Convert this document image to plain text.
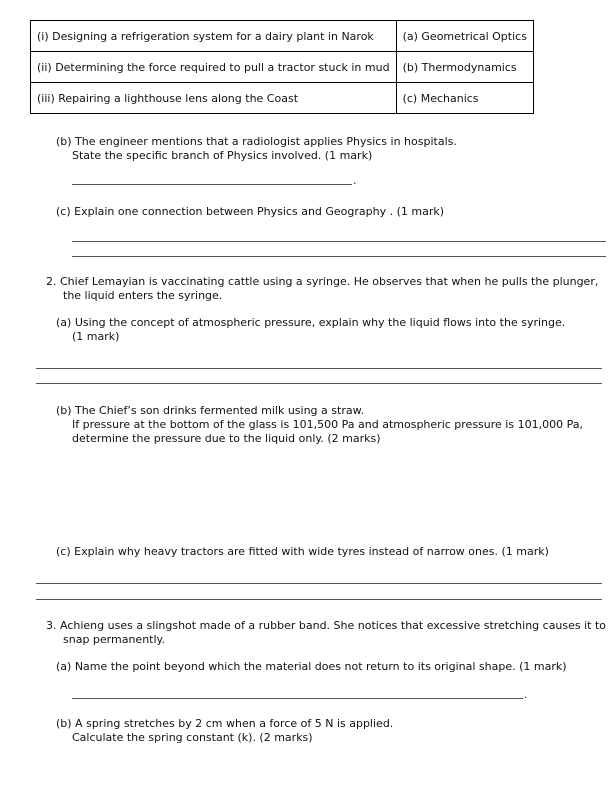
(i) Designing a refrigeration system for a dairy plant in Narok	(a) Geometrical Optics
(ii) Determining the force required to pull a tractor stuck in mud	(b) Thermodynamics
(iii) Repairing a lighthouse lens along the Coast	(c) Mechanics
(b) The engineer mentions that a radiologist applies Physics in hospitals.
State the specific branch of Physics involved. (1 mark)
.
(c) Explain one connection between Physics and Geography . (1 mark)
2. Chief Lemayian is vaccinating cattle using a syringe. He observes that when he pulls the plunger,
the liquid enters the syringe.
(a) Using the concept of atmospheric pressure, explain why the liquid flows into the syringe.
(1 mark)
(b) The Chief’s son drinks fermented milk using a straw.
If pressure at the bottom of the glass is 101,500 Pa and atmospheric pressure is 101,000 Pa,
determine the pressure due to the liquid only. (2 marks)
(c) Explain why heavy tractors are fitted with wide tyres instead of narrow ones. (1 mark)
3. Achieng uses a slingshot made of a rubber band. She notices that excessive stretching causes it to
snap permanently.
(a) Name the point beyond which the material does not return to its original shape. (1 mark)
.
(b) A spring stretches by 2 cm when a force of 5 N is applied.
Calculate the spring constant (k). (2 marks)
